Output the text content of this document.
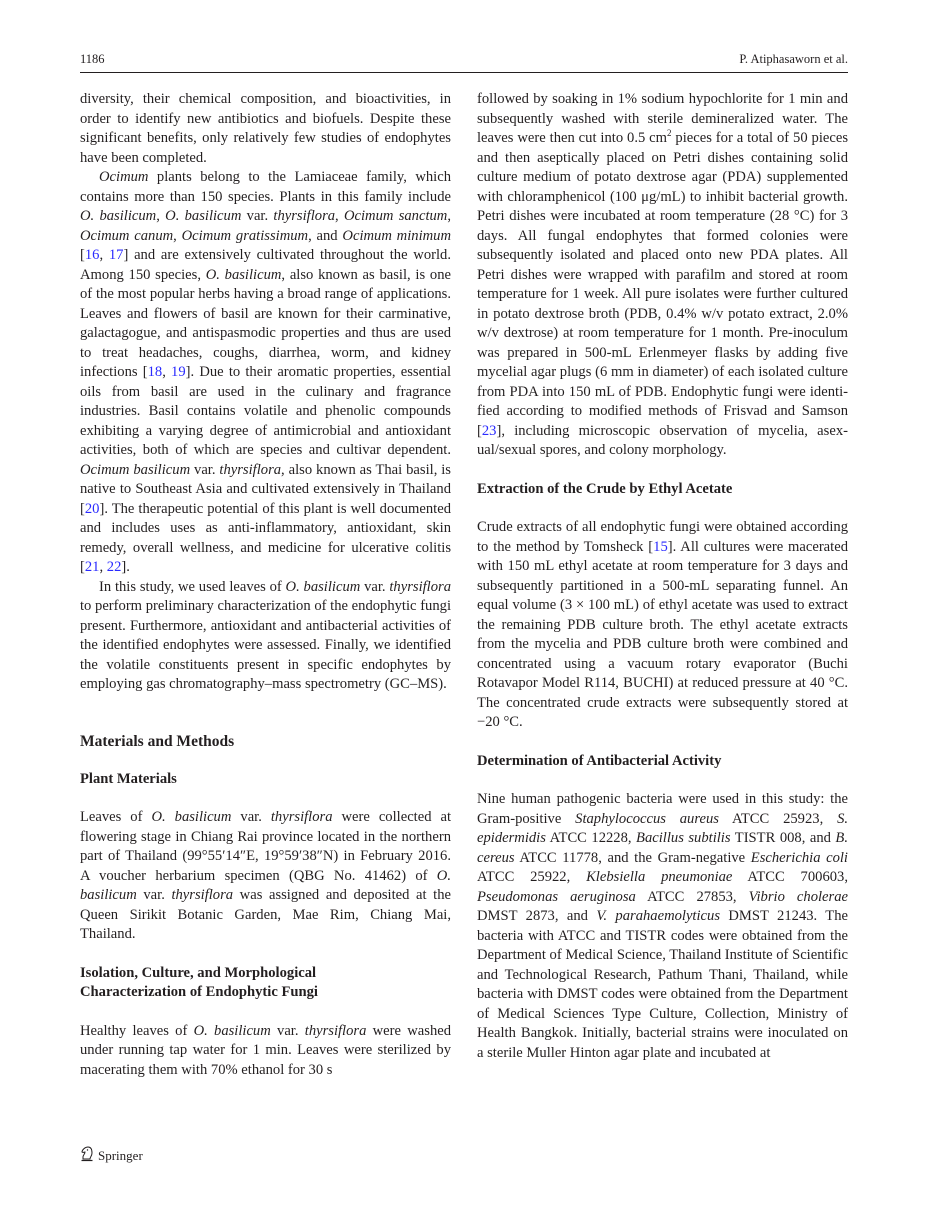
1186	P. Atiphasaworn et al.

diversity, their chemical composition, and bioactivities, in order to identify new antibiotics and biofuels. Despite these significant benefits, only relatively few studies of endophytes have been completed.

Ocimum plants belong to the Lamiaceae family, which contains more than 150 species. Plants in this family include O. basilicum, O. basilicum var. thyrsiflora, Ocimum sanctum, Ocimum canum, Ocimum gratissimum, and Ocimum minimum [16, 17] and are extensively cultivated throughout the world. Among 150 species, O. basilicum, also known as basil, is one of the most popular herbs having a broad range of applications. Leaves and flowers of basil are known for their carminative, galactagogue, and antispasmodic properties and thus are used to treat headaches, coughs, diarrhea, worm, and kidney infections [18, 19]. Due to their aromatic properties, essential oils from basil are used in the culinary and fragrance industries. Basil contains volatile and phenolic compounds exhibiting a varying degree of antimicrobial and antioxidant activities, both of which are species and cultivar dependent. Ocimum basilicum var. thyrsiflora, also known as Thai basil, is native to Southeast Asia and cultivated extensively in Thailand [20]. The therapeutic potential of this plant is well documented and includes uses as anti-inflammatory, antioxidant, skin remedy, overall wellness, and medicine for ulcerative colitis [21, 22].

In this study, we used leaves of O. basilicum var. thyrsiflora to perform preliminary characterization of the endophytic fungi present. Furthermore, antioxidant and antibacterial activities of the identified endophytes were assessed. Finally, we identified the volatile constituents present in specific endophytes by employing gas chromatography–mass spectrometry (GC–MS).

Materials and Methods
Plant Materials

Leaves of O. basilicum var. thyrsiflora were collected at flowering stage in Chiang Rai province located in the northern part of Thailand (99°55′14″E, 19°59′38″N) in February 2016. A voucher herbarium specimen (QBG No. 41462) of O. basilicum var. thyrsiflora was assigned and deposited at the Queen Sirikit Botanic Garden, Mae Rim, Chiang Mai, Thailand.

Isolation, Culture, and Morphological
Characterization of Endophytic Fungi

Healthy leaves of O. basilicum var. thyrsiflora were washed under running tap water for 1 min. Leaves were sterilized by macerating them with 70% ethanol for 30 s

followed by soaking in 1% sodium hypochlorite for 1 min and subsequently washed with sterile demineralized water. The leaves were then cut into 0.5 $cm^2$ pieces for a total of 50 pieces and then aseptically placed on Petri dishes containing solid culture medium of potato dextrose agar (PDA) supplemented with chloramphenicol (100 μg/mL) to inhibit bacterial growth. Petri dishes were incubated at room temperature (28 °C) for 3 days. All fungal endophytes that formed colonies were subsequently isolated and placed onto new PDA plates. All Petri dishes were wrapped with parafilm and stored at room temperature for 1 week. All pure isolates were further cultured in potato dextrose broth (PDB, 0.4% w/v potato extract, 2.0% w/v dextrose) at room temperature for 1 month. Pre-inoculum was prepared in 500-mL Erlenmeyer flasks by adding five mycelial agar plugs (6 mm in diameter) of each isolated culture from PDA into 150 mL of PDB. Endophytic fungi were identified according to modified methods of Frisvad and Samson [23], including microscopic observation of mycelia, asexual/sexual spores, and colony morphology.

Extraction of the Crude by Ethyl Acetate

Crude extracts of all endophytic fungi were obtained according to the method by Tomsheck [15]. All cultures were macerated with 150 mL ethyl acetate at room temperature for 3 days and subsequently partitioned in a 500-mL separating funnel. An equal volume (3 × 100 mL) of ethyl acetate was used to extract the remaining PDB culture broth. The ethyl acetate extracts from the mycelia and PDB culture broth were combined and concentrated using a vacuum rotary evaporator (Buchi Rotavapor Model R114, BUCHI) at reduced pressure at 40 °C. The concentrated crude extracts were subsequently stored at −20 °C.

Determination of Antibacterial Activity

Nine human pathogenic bacteria were used in this study: the Gram-positive Staphylococcus aureus ATCC 25923, S. epidermidis ATCC 12228, Bacillus subtilis TISTR 008, and B. cereus ATCC 11778, and the Gram-negative Escherichia coli ATCC 25922, Klebsiella pneumoniae ATCC 700603, Pseudomonas aeruginosa ATCC 27853, Vibrio cholerae DMST 2873, and V. parahaemolyticus DMST 21243. The bacteria with ATCC and TISTR codes were obtained from the Department of Medical Science, Thailand Institute of Scientific and Technological Research, Pathum Thani, Thailand, while bacteria with DMST codes were obtained from the Department of Medical Sciences Type Culture, Collection, Ministry of Health Bangkok. Initially, bacterial strains were inoculated on a sterile Muller Hinton agar plate and incubated at

Springer
